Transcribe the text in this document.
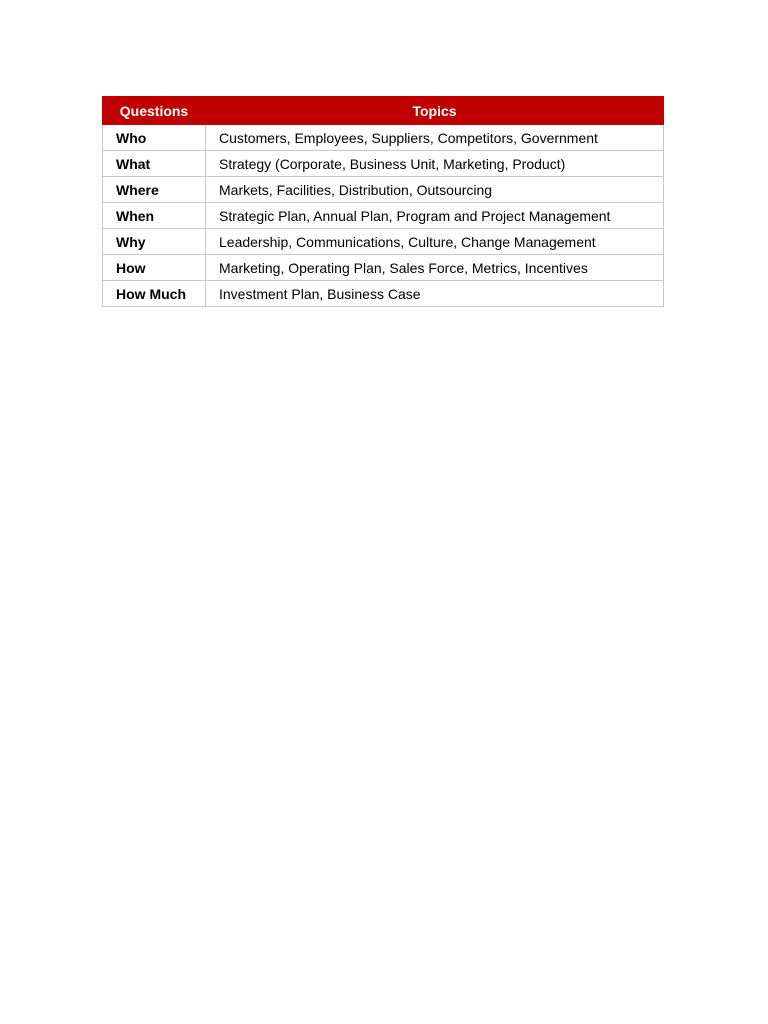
Questions	Topics
Who	Customers, Employees, Suppliers, Competitors, Government
What	Strategy (Corporate, Business Unit, Marketing, Product)
Where	Markets, Facilities, Distribution, Outsourcing
When	Strategic Plan, Annual Plan, Program and Project Management
Why	Leadership, Communications, Culture, Change Management
How	Marketing, Operating Plan, Sales Force, Metrics, Incentives
How Much	Investment Plan, Business Case
